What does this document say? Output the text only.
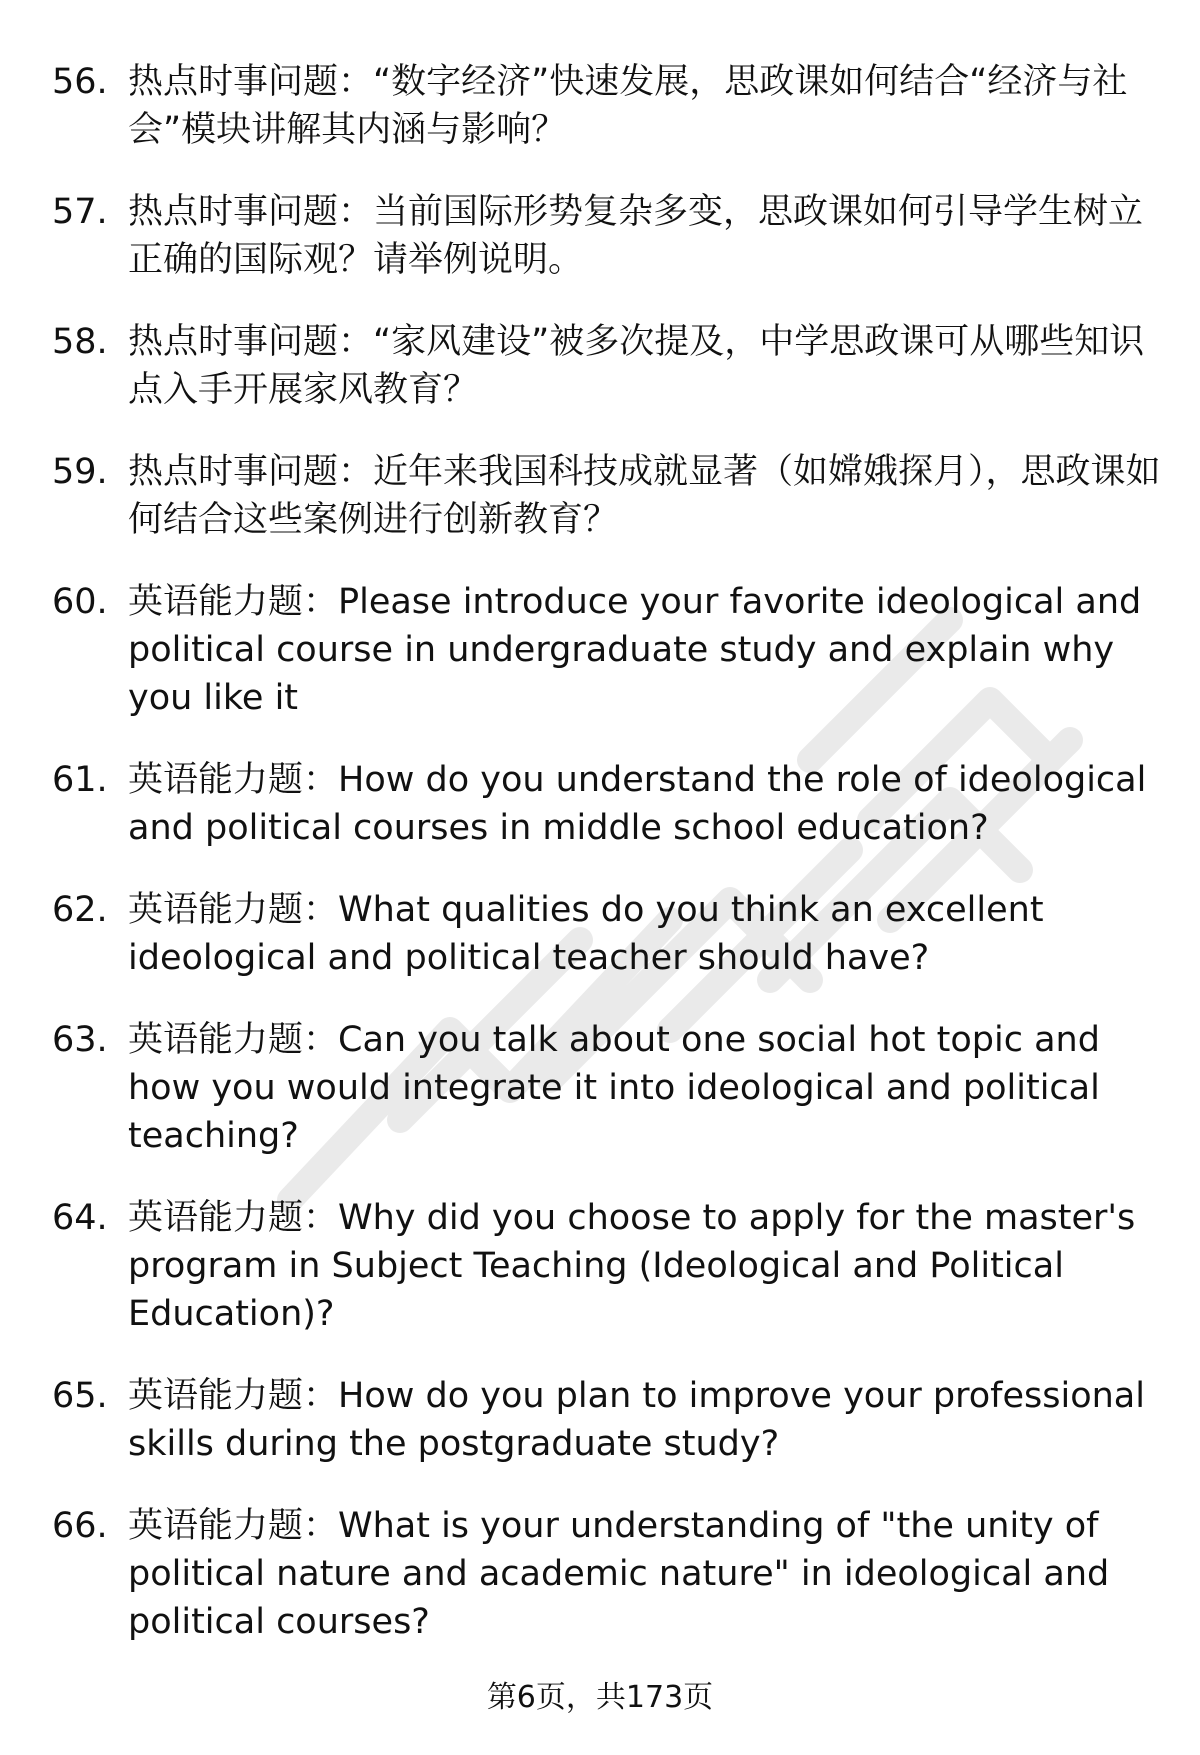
56. 热点时事问题：“数字经济”快速发展，思政课如何结合“经济与社会”模块讲解其内涵与影响？
57. 热点时事问题：当前国际形势复杂多变，思政课如何引导学生树立正确的国际观？请举例说明。
58. 热点时事问题：“家风建设”被多次提及，中学思政课可从哪些知识点入手开展家风教育？
59. 热点时事问题：近年来我国科技成就显著（如嫦娥探月），思政课如何结合这些案例进行创新教育？
60. 英语能力题：Please introduce your favorite ideological and political course in undergraduate study and explain why you like it
61. 英语能力题：How do you understand the role of ideological and political courses in middle school education?
62. 英语能力题：What qualities do you think an excellent ideological and political teacher should have?
63. 英语能力题：Can you talk about one social hot topic and how you would integrate it into ideological and political teaching?
64. 英语能力题：Why did you choose to apply for the master's program in Subject Teaching (Ideological and Political Education)?
65. 英语能力题：How do you plan to improve your professional skills during the postgraduate study?
66. 英语能力题：What is your understanding of "the unity of political nature and academic nature" in ideological and political courses?
第6页，共173页
